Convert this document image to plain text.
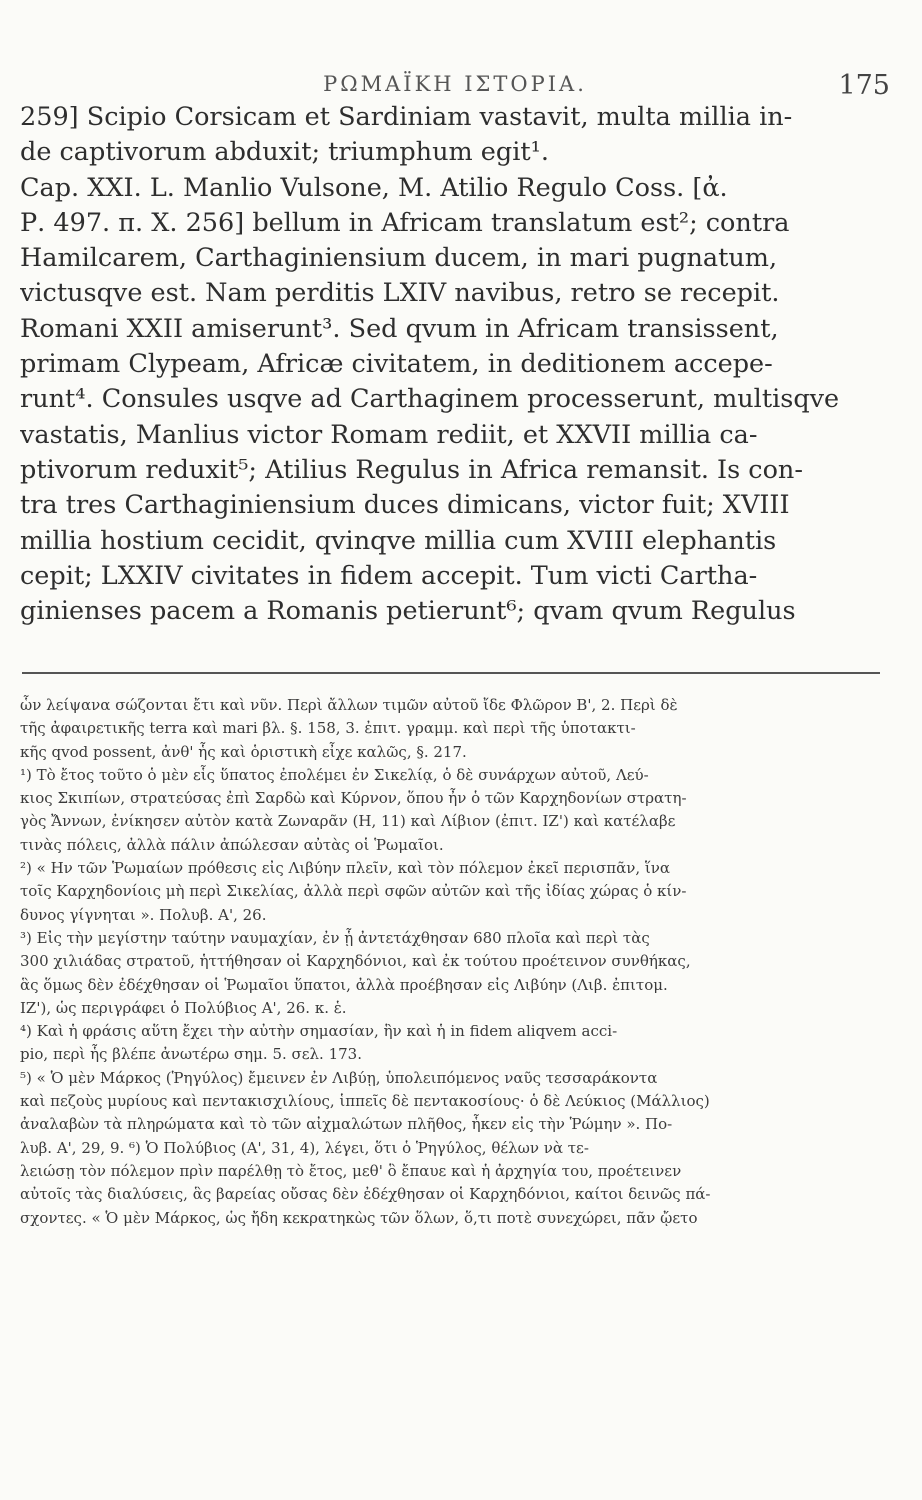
ΡΩΜΑΪΚΗ ΙΣΤΟΡΙΑ.	175
259] Scipio Corsicam et Sardiniam vastavit, multa millia in-
de captivorum abduxit; triumphum egit¹.
Cap. XXI. L. Manlio Vulsone, M. Atilio Regulo Coss. [ἀ.
Ρ. 497. π. Χ. 256] bellum in Africam translatum est²; contra
Hamilcarem, Carthaginiensium ducem, in mari pugnatum,
victusqve est. Nam perditis LXIV navibus, retro se recepit.
Romani XXII amiserunt³. Sed qvum in Africam transissent,
primam Clypeam, Africæ civitatem, in deditionem accepe-
runt⁴. Consules usqve ad Carthaginem processerunt, multisqve
vastatis, Manlius victor Romam rediit, et XXVII millia ca-
ptivorum reduxit⁵; Atilius Regulus in Africa remansit. Is con-
tra tres Carthaginiensium duces dimicans, victor fuit; XVIII
millia hostium cecidit, qvinqve millia cum XVIII elephantis
cepit; LXXIV civitates in fidem accepit. Tum victi Cartha-
ginienses pacem a Romanis petierunt⁶; qvam qvum Regulus
ὧν λείψανα σώζονται ἔτι καὶ νῦν. Περὶ ἄλλων τιμῶν αὐτοῦ ἴδε Φλῶρον Β', 2. Περὶ δὲ
τῆς ἀφαιρετικῆς terra καὶ mari βλ. §. 158, 3. ἐπιτ. γραμμ. καὶ περὶ τῆς ὑποτακτι-
κῆς qvod possent, ἀνθ' ἧς καὶ ὁριστικὴ εἶχε καλῶς, §. 217.
¹) Τὸ ἔτος τοῦτο ὁ μὲν εἷς ὕπατος ἐπολέμει ἐν Σικελίᾳ, ὁ δὲ συνάρχων αὐτοῦ, Λεύ-
κιος Σκιπίων, στρατεύσας ἐπὶ Σαρδὼ καὶ Κύρνον, ὅπου ἦν ὁ τῶν Καρχηδονίων στρατη-
γὸς Ἄννων, ἐνίκησεν αὐτὸν κατὰ Ζωναρᾶν (Η, 11) καὶ Λίβιον (ἐπιτ. ΙΖ') καὶ κατέλαβε
τινὰς πόλεις, ἀλλὰ πάλιν ἀπώλεσαν αὐτὰς οἱ Ῥωμαῖοι.
²) « Ην τῶν Ῥωμαίων πρόθεσις εἰς Λιβύην πλεῖν, καὶ τὸν πόλεμον ἐκεῖ περισπᾶν, ἵνα
τοῖς Καρχηδονίοις μὴ περὶ Σικελίας, ἀλλὰ περὶ σφῶν αὐτῶν καὶ τῆς ἰδίας χώρας ὁ κίν-
δυνος γίγνηται ». Πολυβ. Α', 26.
³) Εἰς τὴν μεγίστην ταύτην ναυμαχίαν, ἐν ᾗ ἀντετάχθησαν 680 πλοῖα καὶ περὶ τὰς
300 χιλιάδας στρατοῦ, ἡττήθησαν οἱ Καρχηδόνιοι, καὶ ἐκ τούτου προέτεινον συνθήκας,
ἃς ὅμως δὲν ἐδέχθησαν οἱ Ῥωμαῖοι ὕπατοι, ἀλλὰ προέβησαν εἰς Λιβύην (Λιβ. ἐπιτομ.
ΙΖ'), ὡς περιγράφει ὁ Πολύβιος Α', 26. κ. ἑ.
⁴) Καὶ ἡ φράσις αὕτη ἔχει τὴν αὐτὴν σημασίαν, ἣν καὶ ἡ in fidem aliqvem acci-
pio, περὶ ἧς βλέπε ἀνωτέρω σημ. 5. σελ. 173.
⁵) « Ὁ μὲν Μάρκος (Ῥηγύλος) ἔμεινεν ἐν Λιβύῃ, ὑπολειπόμενος ναῦς τεσσαράκοντα
καὶ πεζοὺς μυρίους καὶ πεντακισχιλίους, ἱππεῖς δὲ πεντακοσίους· ὁ δὲ Λεύκιος (Μάλλιος)
ἀναλαβὼν τὰ πληρώματα καὶ τὸ τῶν αἰχμαλώτων πλῆθος, ἧκεν εἰς τὴν Ῥώμην ». Πο-
λυβ. Α', 29, 9. ⁶) Ὁ Πολύβιος (Α', 31, 4), λέγει, ὅτι ὁ Ῥηγύλος, θέλων νὰ τε-
λειώσῃ τὸν πόλεμον πρὶν παρέλθῃ τὸ ἔτος, μεθ' ὃ ἔπαυε καὶ ἡ ἀρχηγία του, προέτεινεν
αὐτοῖς τὰς διαλύσεις, ἃς βαρείας οὔσας δὲν ἐδέχθησαν οἱ Καρχηδόνιοι, καίτοι δεινῶς πά-
σχοντες. « Ὁ μὲν Μάρκος, ὡς ἤδη κεκρατηκὼς τῶν ὅλων, ὅ,τι ποτὲ συνεχώρει, πᾶν ᾤετο
